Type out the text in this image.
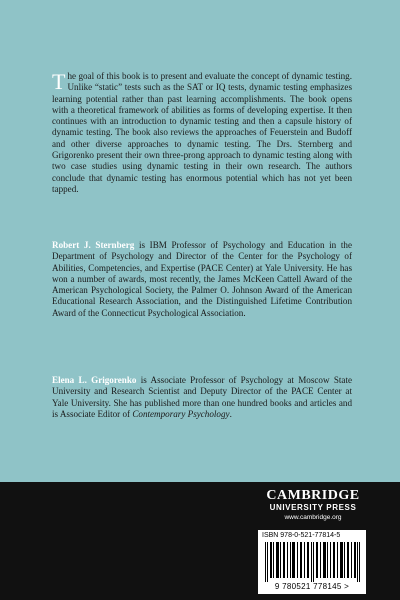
The goal of this book is to present and evaluate the concept of dynamic testing. Unlike “static” tests such as the SAT or IQ tests, dynamic testing emphasizes learning potential rather than past learning accomplishments. The book opens with a theoretical framework of abilities as forms of developing expertise. It then continues with an introduction to dynamic testing and then a capsule history of dynamic testing. The book also reviews the approaches of Feuerstein and Budoff and other diverse approaches to dynamic testing. The Drs. Sternberg and Grigorenko present their own three-prong approach to dynamic testing along with two case studies using dynamic testing in their own research. The authors conclude that dynamic testing has enormous potential which has not yet been tapped.
Robert J. Sternberg is IBM Professor of Psychology and Education in the Department of Psychology and Director of the Center for the Psychology of Abilities, Competencies, and Expertise (PACE Center) at Yale University. He has won a number of awards, most recently, the James McKeen Cattell Award of the American Psychological Society, the Palmer O. Johnson Award of the American Educational Research Association, and the Distinguished Lifetime Contribution Award of the Connecticut Psychological Association.
Elena L. Grigorenko is Associate Professor of Psychology at Moscow State University and Research Scientist and Deputy Director of the PACE Center at Yale University. She has published more than one hundred books and articles and is Associate Editor of Contemporary Psychology.
CAMBRIDGE
UNIVERSITY PRESS
www.cambridge.org
ISBN 978-0-521-77814-5
9 780521 778145 >
